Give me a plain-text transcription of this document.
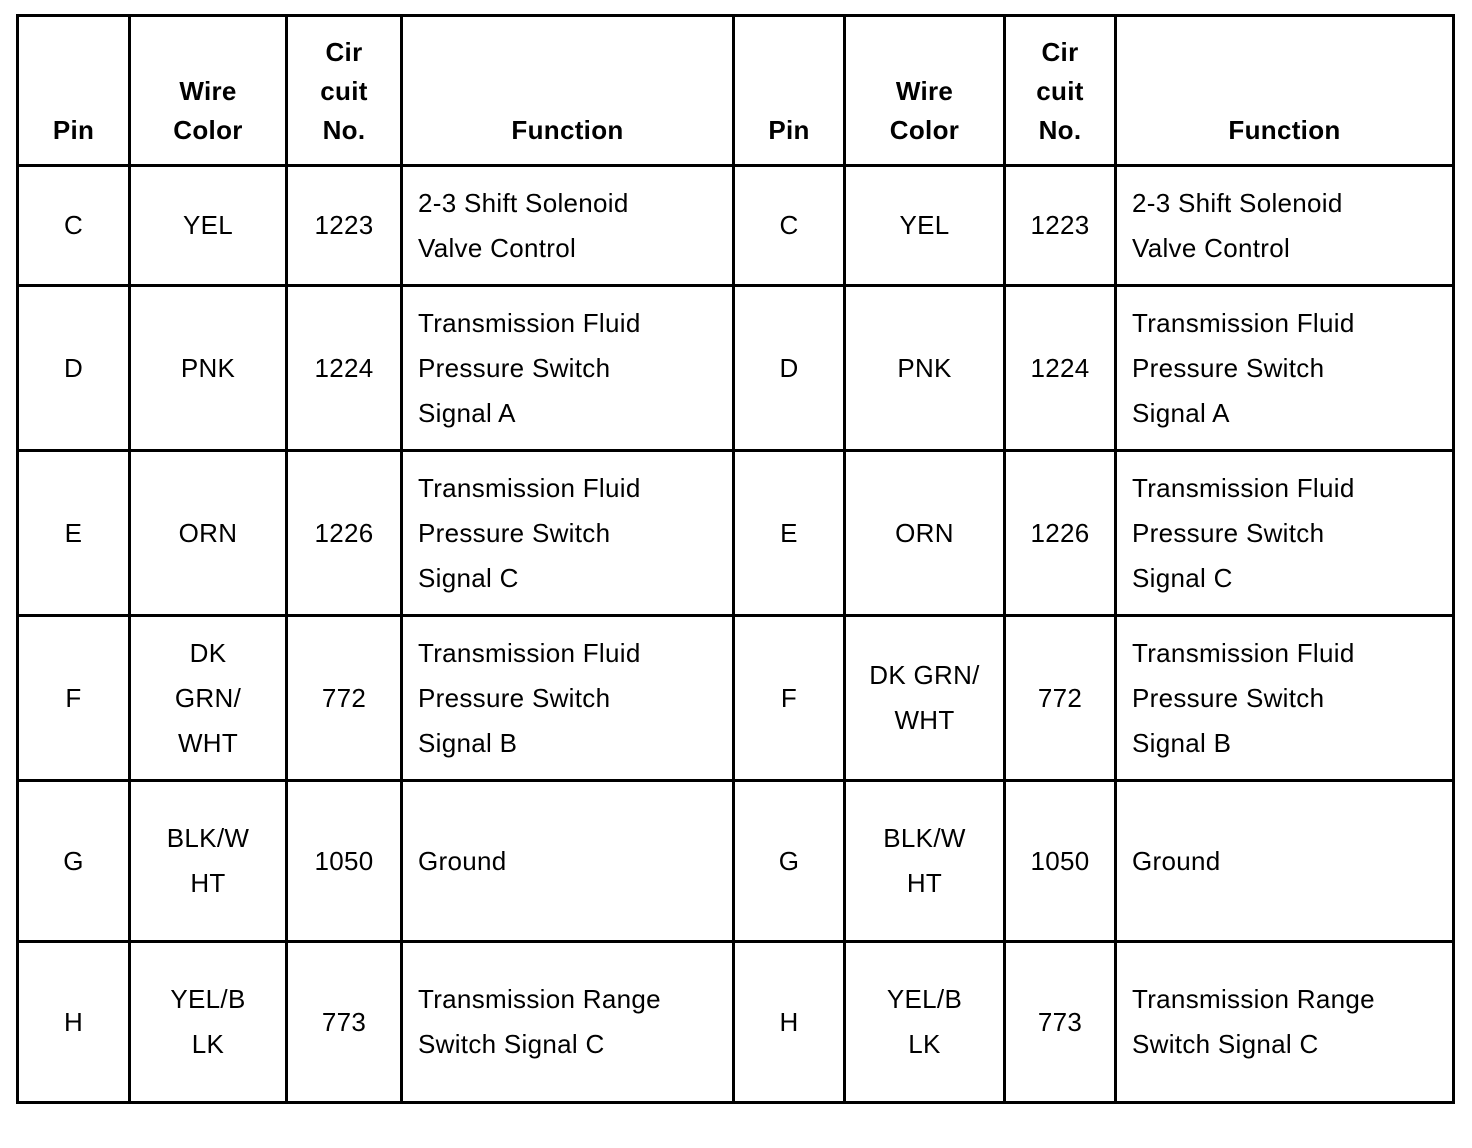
Pin	Wire
Color	Cir
cuit
No.	Function	Pin	Wire
Color	Cir
cuit
No.	Function
C	YEL	1223	2-3 Shift Solenoid
Valve Control	C	YEL	1223	2-3 Shift Solenoid
Valve Control

D	PNK	1224	Transmission Fluid
Pressure Switch
Signal A	D	PNK	1224	Transmission Fluid
Pressure Switch
Signal A

E	ORN	1226	Transmission Fluid
Pressure Switch
Signal C	E	ORN	1226	Transmission Fluid
Pressure Switch
Signal C

F	DK
GRN/
WHT	772	Transmission Fluid
Pressure Switch
Signal B	F	DK GRN/
WHT	772	Transmission Fluid
Pressure Switch
Signal B

G	BLK/W
HT	1050	Ground	G	BLK/W
HT	1050	Ground

H	YEL/B
LK	773	Transmission Range
Switch Signal C	H	YEL/B
LK	773	Transmission Range
Switch Signal C
